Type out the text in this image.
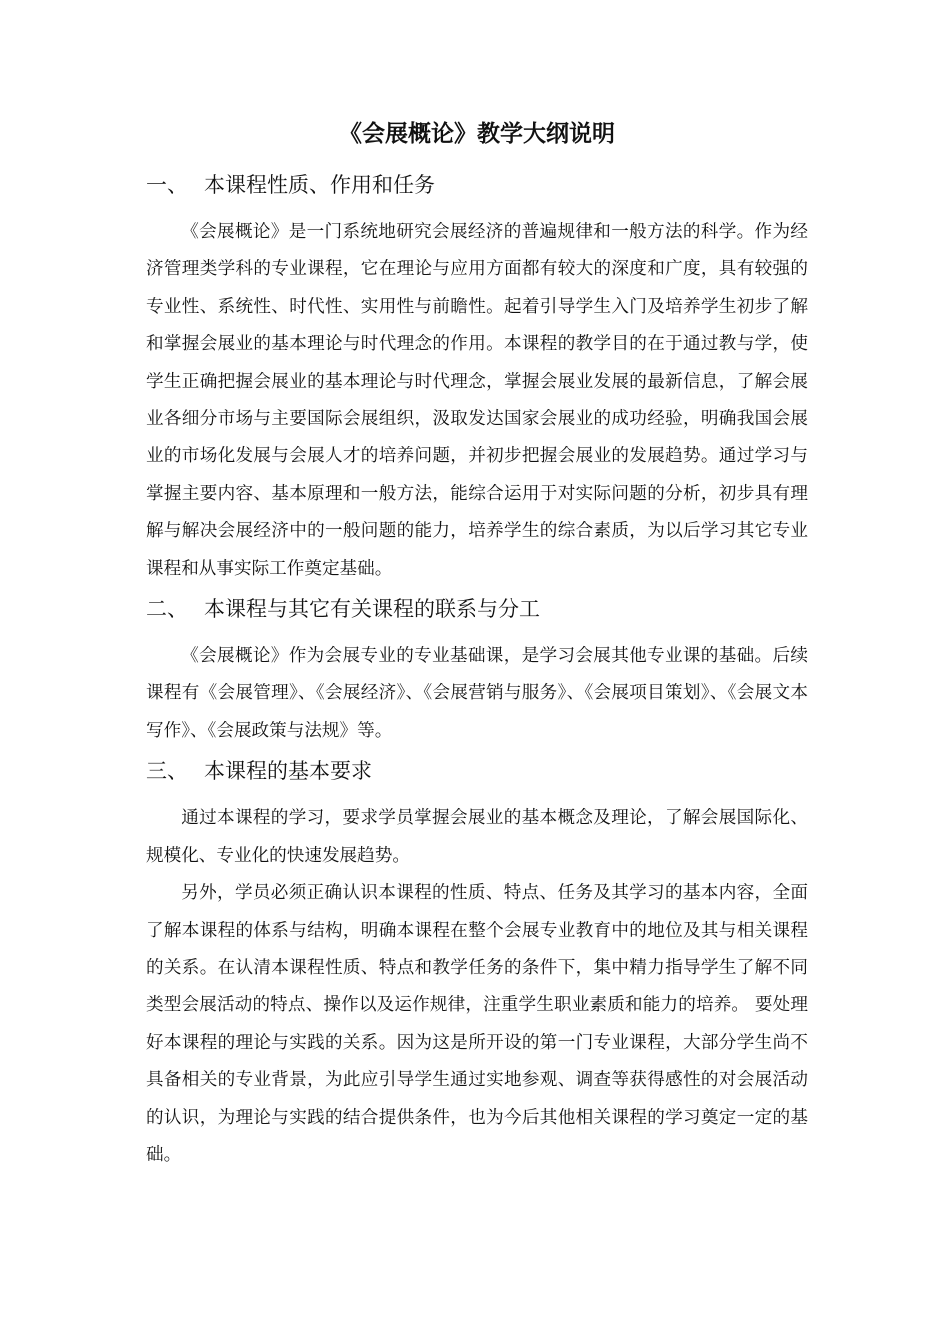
《会展概论》教学大纲说明
一、 本课程性质、作用和任务

《会展概论》是一门系统地研究会展经济的普遍规律和一般方法的科学。作为经济管理类学科的专业课程，它在理论与应用方面都有较大的深度和广度，具有较强的专业性、系统性、时代性、实用性与前瞻性。起着引导学生入门及培养学生初步了解和掌握会展业的基本理论与时代理念的作用。本课程的教学目的在于通过教与学，使学生正确把握会展业的基本理论与时代理念，掌握会展业发展的最新信息，了解会展业各细分市场与主要国际会展组织，汲取发达国家会展业的成功经验，明确我国会展业的市场化发展与会展人才的培养问题，并初步把握会展业的发展趋势。通过学习与掌握主要内容、基本原理和一般方法，能综合运用于对实际问题的分析，初步具有理解与解决会展经济中的一般问题的能力，培养学生的综合素质，为以后学习其它专业课程和从事实际工作奠定基础。

二、 本课程与其它有关课程的联系与分工

《会展概论》作为会展专业的专业基础课，是学习会展其他专业课的基础。后续课程有《会展管理》、《会展经济》、《会展营销与服务》、《会展项目策划》、《会展文本写作》、《会展政策与法规》等。

三、 本课程的基本要求

通过本课程的学习，要求学员掌握会展业的基本概念及理论，了解会展国际化、规模化、专业化的快速发展趋势。

另外，学员必须正确认识本课程的性质、特点、任务及其学习的基本内容，全面了解本课程的体系与结构，明确本课程在整个会展专业教育中的地位及其与相关课程的关系。在认清本课程性质、特点和教学任务的条件下，集中精力指导学生了解不同类型会展活动的特点、操作以及运作规律，注重学生职业素质和能力的培养。 要处理好本课程的理论与实践的关系。因为这是所开设的第一门专业课程，大部分学生尚不具备相关的专业背景，为此应引导学生通过实地参观、调查等获得感性的对会展活动的认识，为理论与实践的结合提供条件，也为今后其他相关课程的学习奠定一定的基础。
